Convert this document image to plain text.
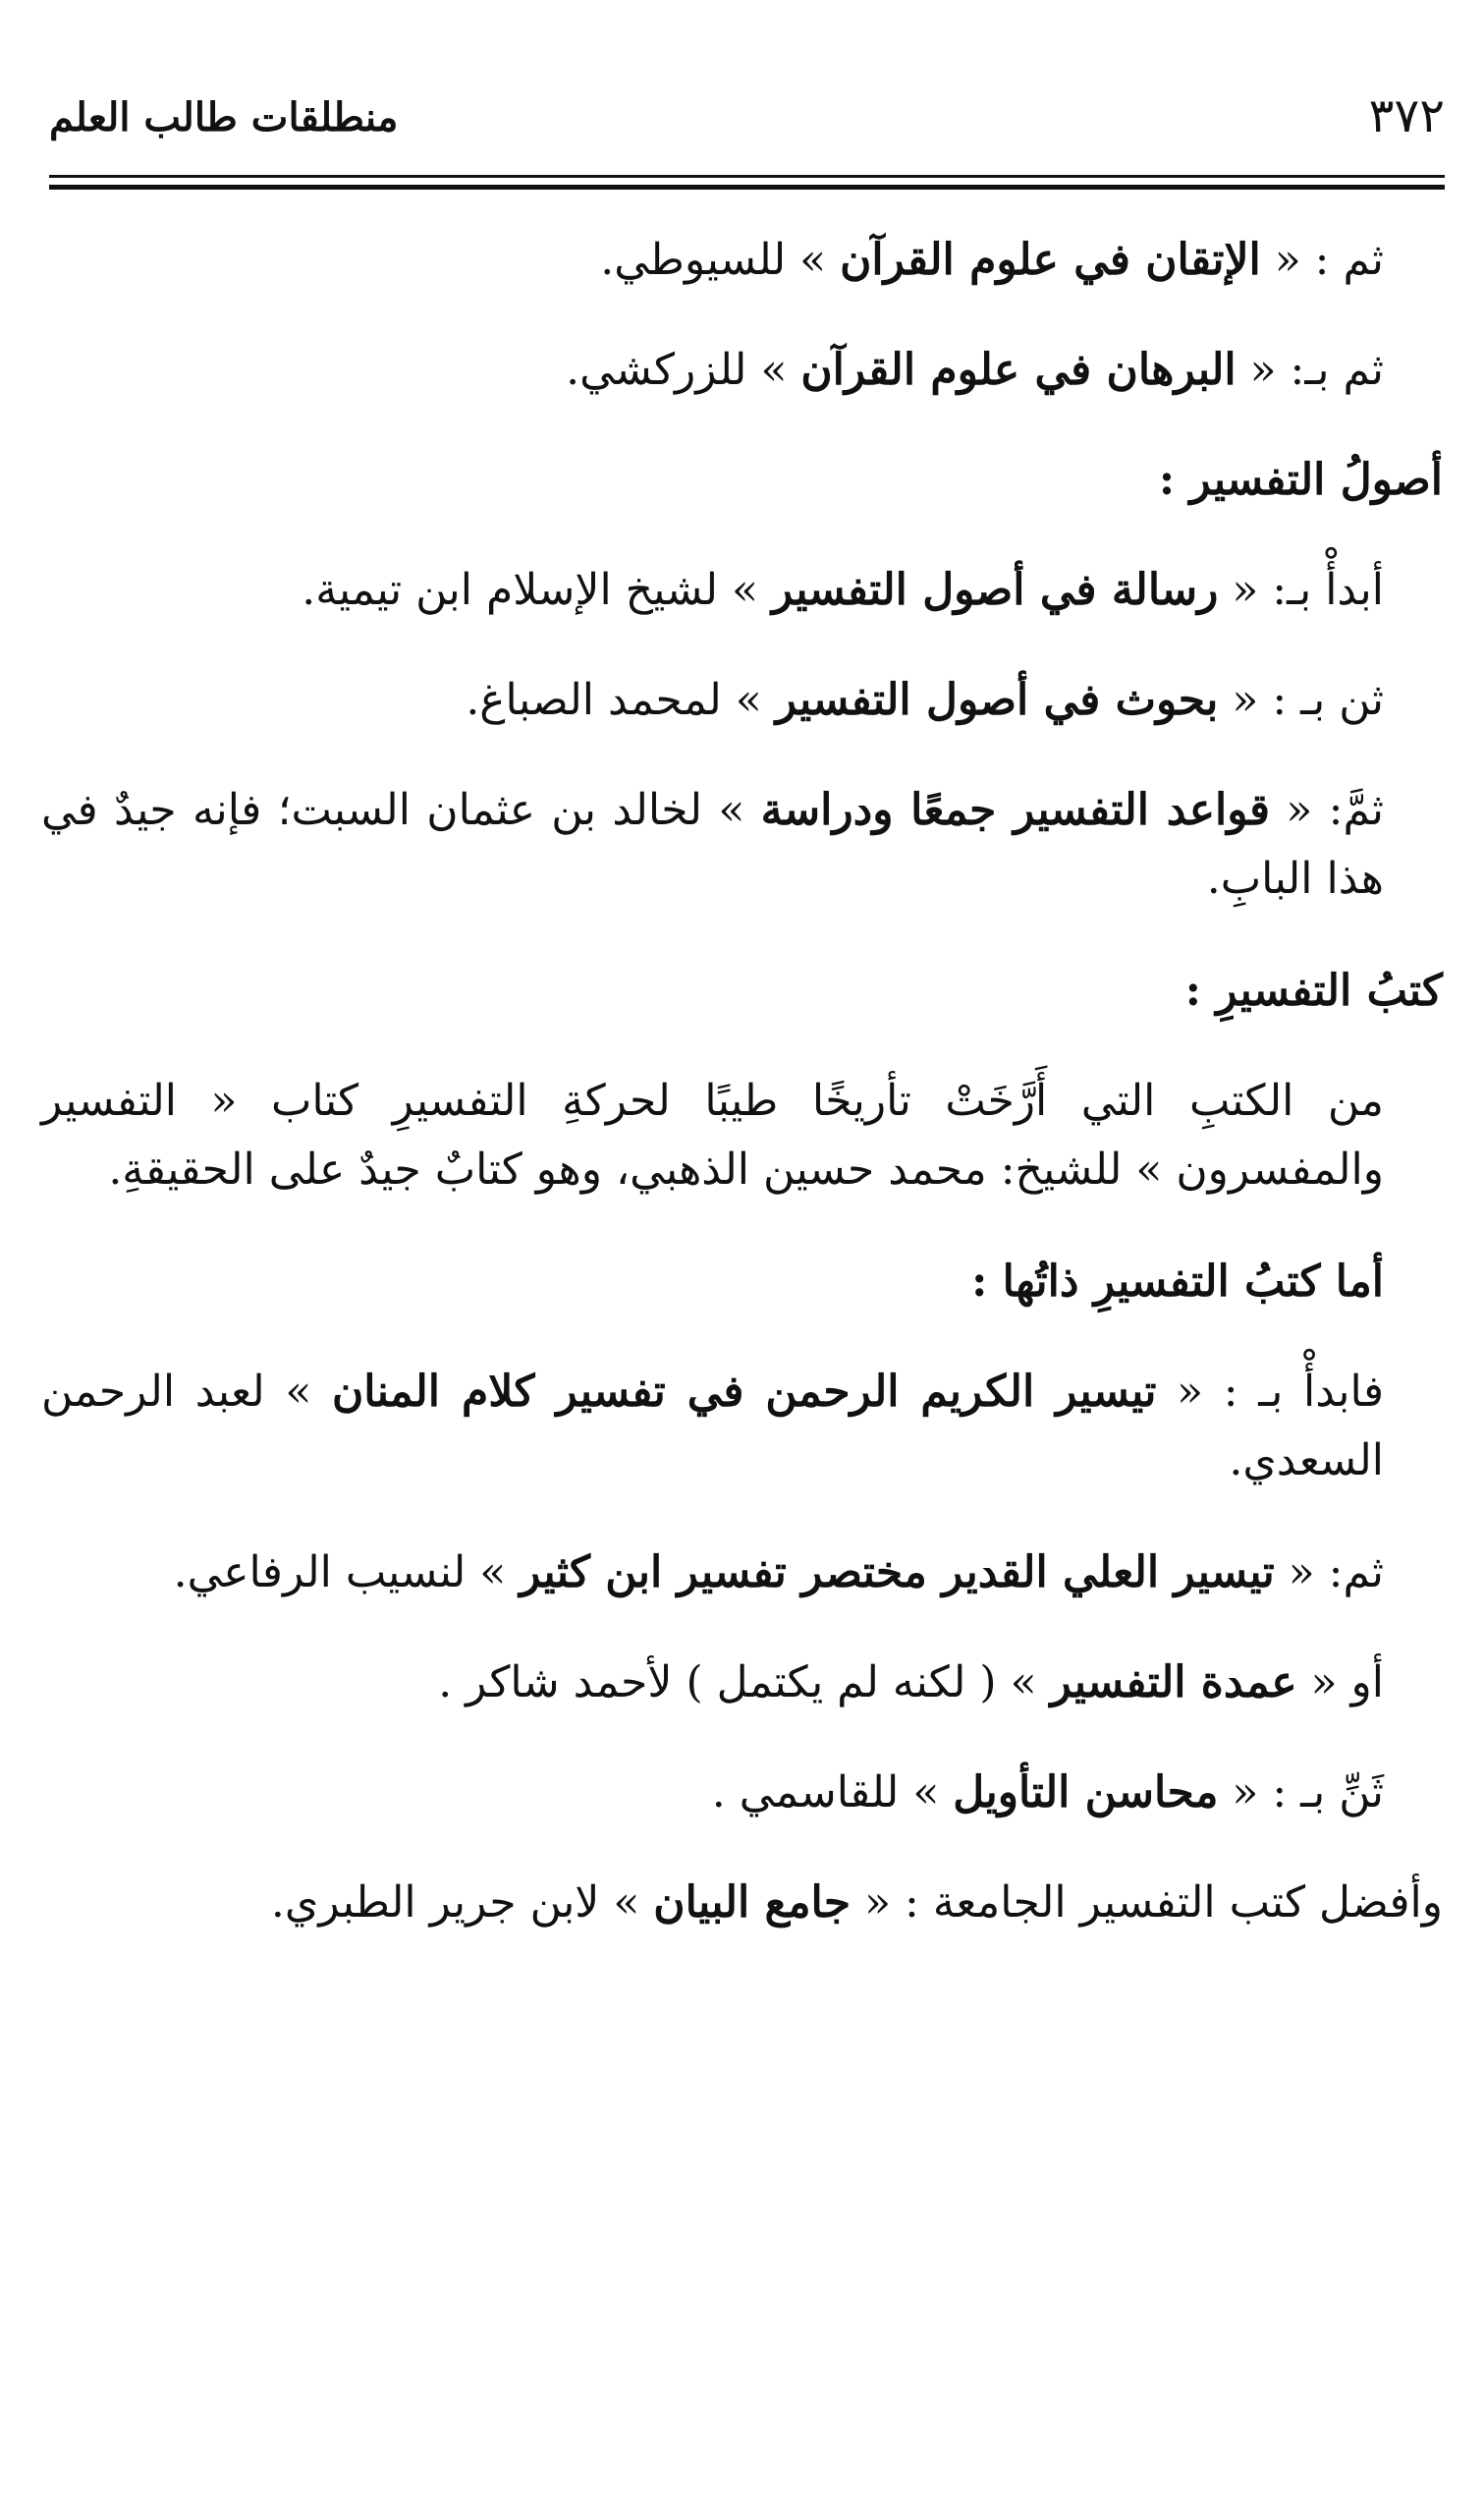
٣٧٢
منطلقات طالب العلم

ثم : « الإتقان في علوم القرآن » للسيوطي.

ثم بـ: « البرهان في علوم القرآن » للزركشي.

أصولُ التفسير :

أبدأْ بـ: « رسالة في أصول التفسير » لشيخ الإسلام ابن تيمية.

ثن بـ : « بحوث في أصول التفسير » لمحمد الصباغ.

ثمَّ: « قواعد التفسير جمعًا ودراسة » لخالد بن عثمان السبت؛ فإنه جيدٌ في هذا البابِ.

كتبُ التفسيرِ :

من الكتبِ التي أَرَّخَتْ تأريخًا طيبًا لحركةِ التفسيرِ كتاب « التفسير والمفسرون » للشيخ: محمد حسين الذهبي، وهو كتابٌ جيدٌ على الحقيقةِ.

أما كتبُ التفسيرِ ذاتُها :

فابدأْ بـ : « تيسير الكريم الرحمن في تفسير كلام المنان » لعبد الرحمن السعدي.

ثم: « تيسير العلي القدير مختصر تفسير ابن كثير » لنسيب الرفاعي.

أو « عمدة التفسير » ( لكنه لم يكتمل ) لأحمد شاكر .

ثَنِّ بـ : « محاسن التأويل » للقاسمي .

وأفضل كتب التفسير الجامعة : « جامع البيان » لابن جرير الطبري.
